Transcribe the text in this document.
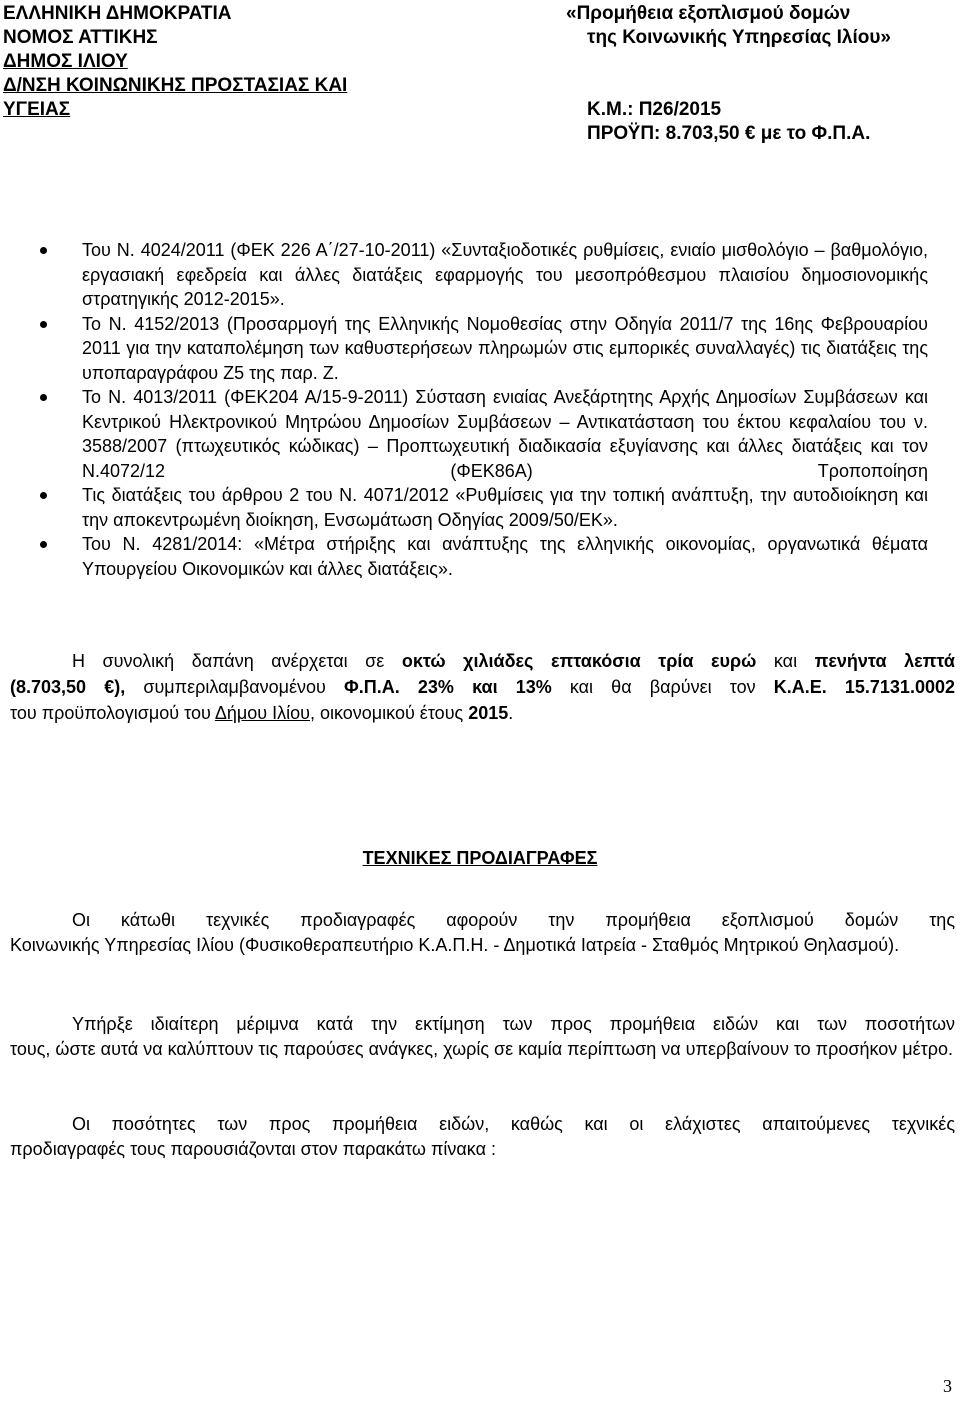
ΕΛΛΗΝΙΚΗ ΔΗΜΟΚΡΑΤΙΑ
ΝΟΜΟΣ ΑΤΤΙΚΗΣ
ΔΗΜΟΣ ΙΛΙΟΥ
Δ/ΝΣΗ ΚΟΙΝΩΝΙΚΗΣ ΠΡΟΣΤΑΣΙΑΣ ΚΑΙ
ΥΓΕΙΑΣ
«Προμήθεια εξοπλισμού δομών
της Κοινωνικής Υπηρεσίας Ιλίου»
Κ.Μ.: Π26/2015
ΠΡΟΫΠ: 8.703,50 € με το Φ.Π.Α.
Του Ν. 4024/2011 (ΦΕΚ 226 Α΄/27-10-2011) «Συνταξιοδοτικές ρυθμίσεις, ενιαίο μισθολόγιο – βαθμολόγιο, εργασιακή εφεδρεία και άλλες διατάξεις εφαρμογής του μεσοπρόθεσμου πλαισίου δημοσιονομικής στρατηγικής 2012-2015».
Το Ν. 4152/2013 (Προσαρμογή της Ελληνικής Νομοθεσίας στην Οδηγία 2011/7 της 16ης Φεβρουαρίου 2011 για την καταπολέμηση των καθυστερήσεων πληρωμών στις εμπορικές συναλλαγές) τις διατάξεις της υποπαραγράφου Ζ5 της παρ. Ζ.
Το Ν. 4013/2011 (ΦΕΚ204 Α/15-9-2011) Σύσταση ενιαίας Ανεξάρτητης Αρχής Δημοσίων Συμβάσεων και Κεντρικού Ηλεκτρονικού Μητρώου Δημοσίων Συμβάσεων – Αντικατάσταση του έκτου κεφαλαίου του ν. 3588/2007 (πτωχευτικός κώδικας) – Προπτωχευτική διαδικασία εξυγίανσης και άλλες διατάξεις και τον Ν.4072/12 (ΦΕΚ86Α) Τροποποίηση
Τις διατάξεις του άρθρου 2 του Ν. 4071/2012 «Ρυθμίσεις για την τοπική ανάπτυξη, την αυτοδιοίκηση και την αποκεντρωμένη διοίκηση, Ενσωμάτωση Οδηγίας 2009/50/ΕΚ».
Του Ν. 4281/2014: «Μέτρα στήριξης και ανάπτυξης της ελληνικής οικονομίας, οργανωτικά θέματα Υπουργείου Οικονομικών και άλλες διατάξεις».
Η συνολική δαπάνη ανέρχεται σε οκτώ χιλιάδες επτακόσια τρία ευρώ και πενήντα λεπτά
(8.703,50 €), συμπεριλαμβανομένου Φ.Π.Α. 23% και 13% και θα βαρύνει τον Κ.Α.Ε. 15.7131.0002
του προϋπολογισμού του Δήμου Ιλίου, οικονομικού έτους 2015.
ΤΕΧΝΙΚΕΣ ΠΡΟΔΙΑΓΡΑΦΕΣ
Οι κάτωθι τεχνικές προδιαγραφές αφορούν την προμήθεια εξοπλισμού δομών της
Κοινωνικής Υπηρεσίας Ιλίου (Φυσικοθεραπευτήριο Κ.Α.Π.Η. - Δημοτικά Ιατρεία - Σταθμός Μητρικού Θηλασμού).
Υπήρξε ιδιαίτερη μέριμνα κατά την εκτίμηση των προς προμήθεια ειδών και των ποσοτήτων
τους, ώστε αυτά να καλύπτουν τις παρούσες ανάγκες, χωρίς σε καμία περίπτωση να υπερβαίνουν το προσήκον μέτρο.
Οι ποσότητες των προς προμήθεια ειδών, καθώς και οι ελάχιστες απαιτούμενες τεχνικές
προδιαγραφές τους παρουσιάζονται στον παρακάτω πίνακα :
3
